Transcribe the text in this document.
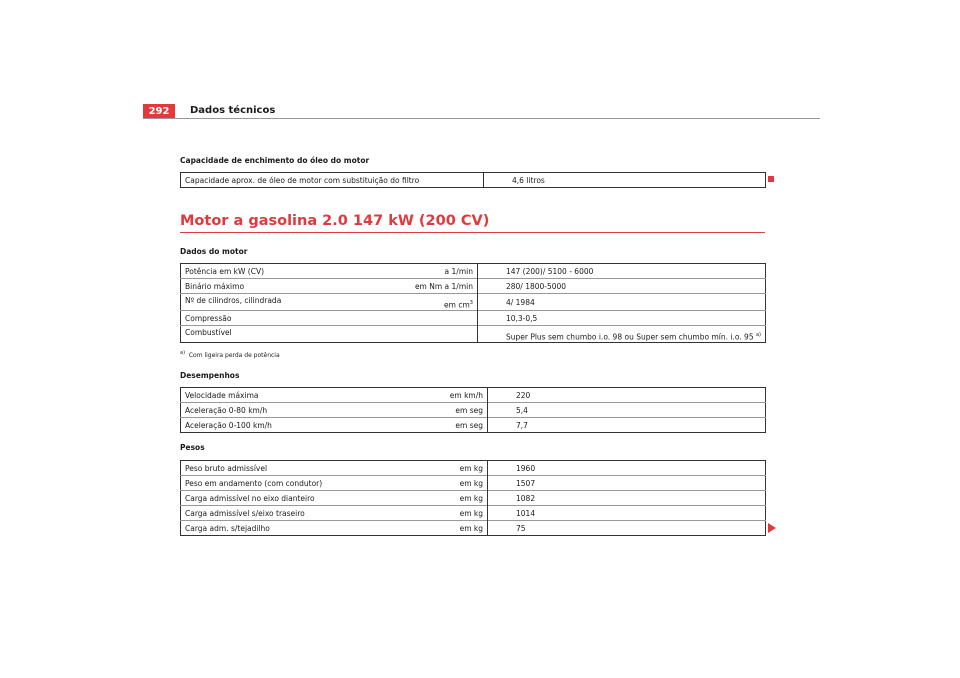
292	Dados técnicos
Capacidade de enchimento do óleo do motor
Capacidade aprox. de óleo de motor com substituição do filtro	4,6 litros
Motor a gasolina 2.0 147 kW (200 CV)
Dados do motor
Potência em kW (CV)	a 1/min	147 (200)/ 5100 - 6000
Binário máximo	em Nm a 1/min	280/ 1800-5000
Nº de cilindros, cilindrada	em $cm^3$	4/ 1984
Compressão		10,3-0,5
Combustível		Super Plus sem chumbo i.o. 98 ou Super sem chumbo mín. i.o. 95 $^{a)}$
$^{a)}$ Com ligeira perda de potência
Desempenhos
Velocidade máxima	em km/h	220
Aceleração 0-80 km/h	em seg	5,4
Aceleração 0-100 km/h	em seg	7,7
Pesos
Peso bruto admissível	em kg	1960
Peso em andamento (com condutor)	em kg	1507
Carga admissível no eixo dianteiro	em kg	1082
Carga admissível s/eixo traseiro	em kg	1014
Carga adm. s/tejadilho	em kg	75
